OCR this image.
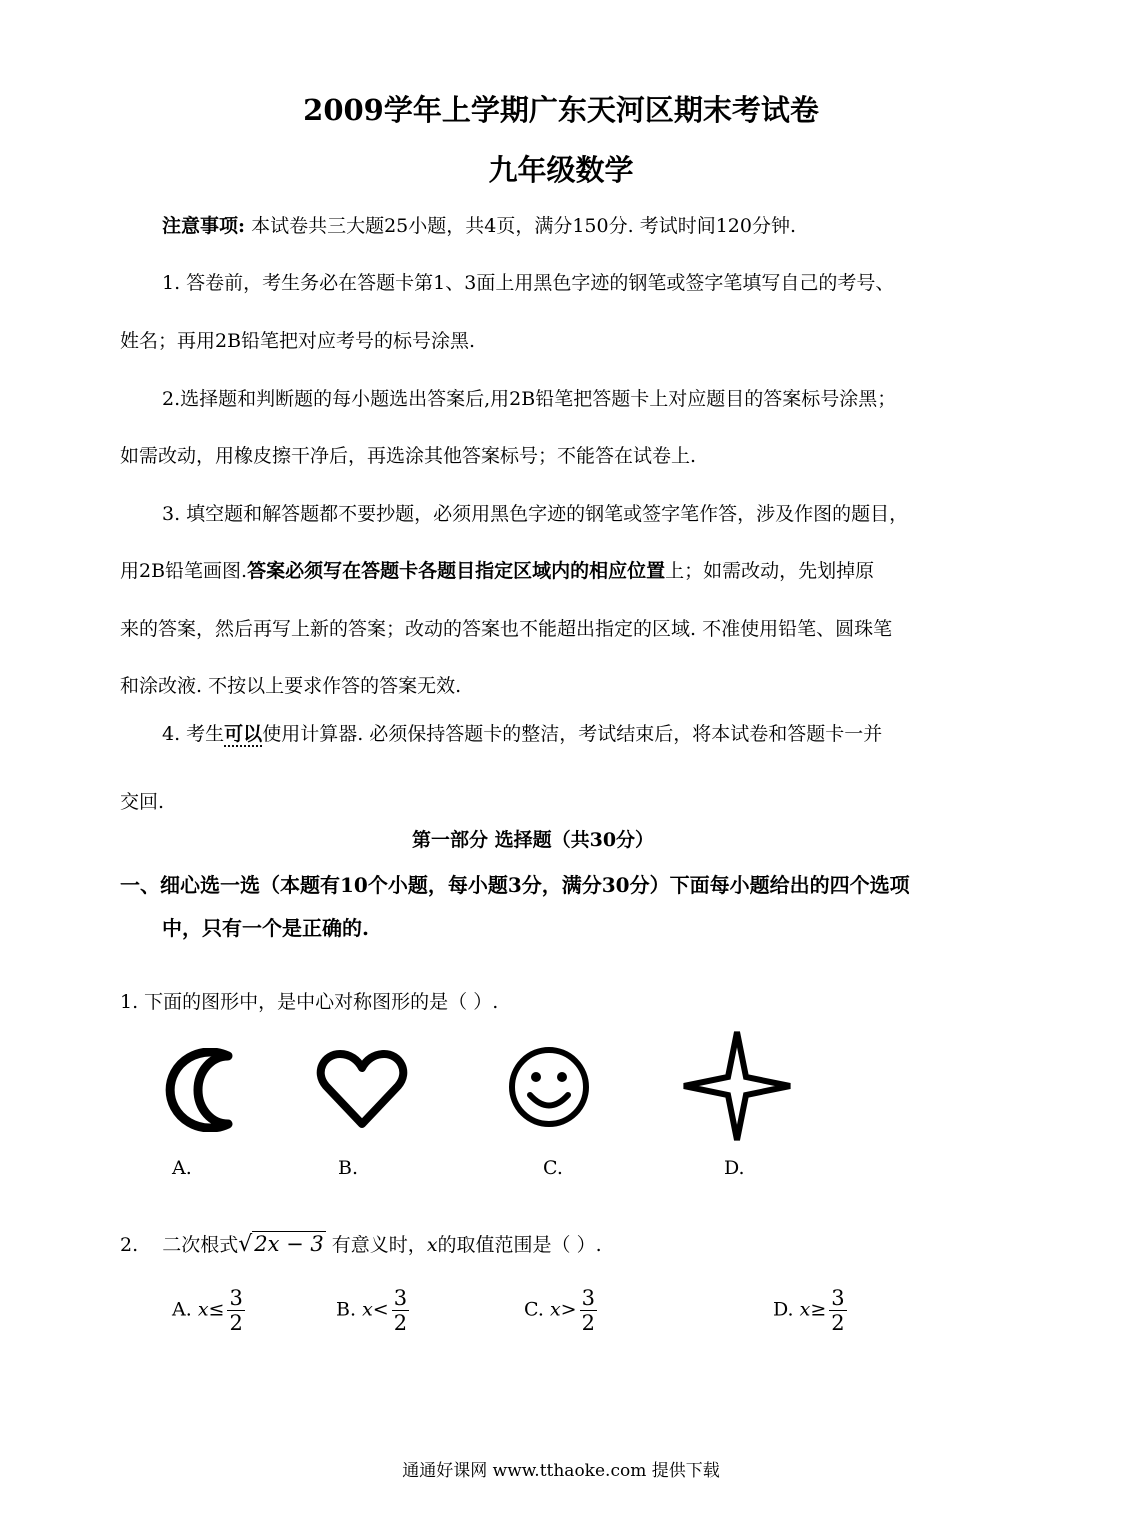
2009学年上学期广东天河区期末考试卷
九年级数学
注意事项: 本试卷共三大题25小题，共4页，满分150分. 考试时间120分钟.
1. 答卷前，考生务必在答题卡第1、3面上用黑色字迹的钢笔或签字笔填写自己的考号、
姓名；再用2B铅笔把对应考号的标号涂黑.
2.选择题和判断题的每小题选出答案后,用2B铅笔把答题卡上对应题目的答案标号涂黑；
如需改动，用橡皮擦干净后，再选涂其他答案标号；不能答在试卷上.
3. 填空题和解答题都不要抄题，必须用黑色字迹的钢笔或签字笔作答，涉及作图的题目，
用2B铅笔画图.答案必须写在答题卡各题目指定区域内的相应位置上；如需改动，先划掉原
来的答案，然后再写上新的答案；改动的答案也不能超出指定的区域. 不准使用铅笔、圆珠笔
和涂改液. 不按以上要求作答的答案无效.
4. 考生可以使用计算器. 必须保持答题卡的整洁，考试结束后，将本试卷和答题卡一并
交回.
第一部分 选择题（共30分）
一、细心选一选（本题有10个小题，每小题3分，满分30分）下面每小题给出的四个选项
中，只有一个是正确的.
1. 下面的图形中，是中心对称图形的是（ ）.
A.	B.	C.	D.
2. 二次根式√2x − 3 有意义时，x的取值范围是（ ）.
A. $x\le \frac{3}{2}$	B. $x< \frac{3}{2}$	C. $x> \frac{3}{2}$	D. $x\ge \frac{3}{2}$
通通好课网 www.tthaoke.com 提供下载
